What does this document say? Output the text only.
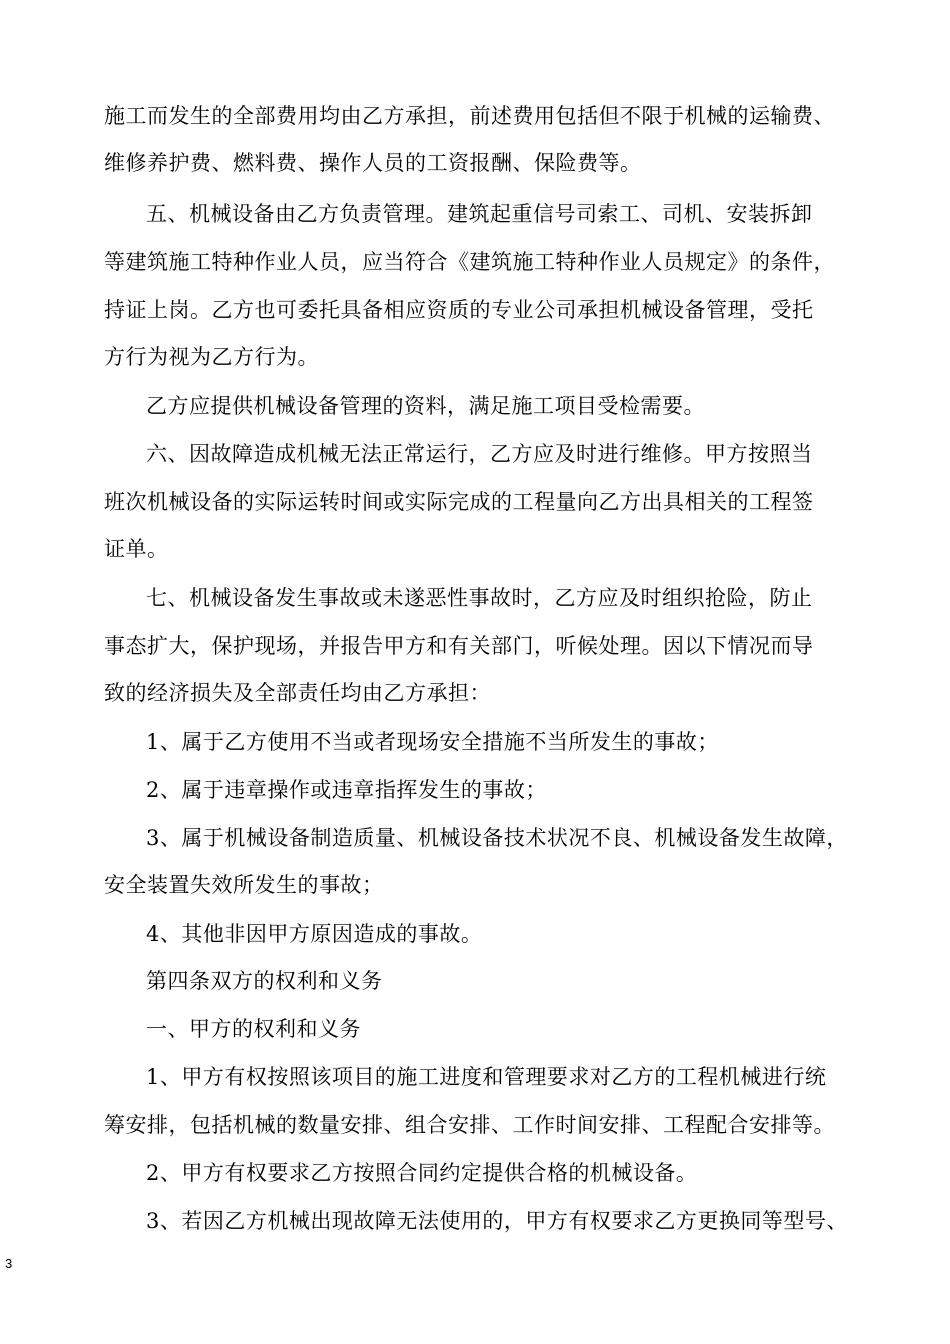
施工而发生的全部费用均由乙方承担，前述费用包括但不限于机械的运输费、
维修养护费、燃料费、操作人员的工资报酬、保险费等。
五、机械设备由乙方负责管理。建筑起重信号司索工、司机、安装拆卸
等建筑施工特种作业人员，应当符合《建筑施工特种作业人员规定》的条件，
持证上岗。乙方也可委托具备相应资质的专业公司承担机械设备管理，受托
方行为视为乙方行为。
乙方应提供机械设备管理的资料，满足施工项目受检需要。
六、因故障造成机械无法正常运行，乙方应及时进行维修。甲方按照当
班次机械设备的实际运转时间或实际完成的工程量向乙方出具相关的工程签
证单。
七、机械设备发生事故或未遂恶性事故时，乙方应及时组织抢险，防止
事态扩大，保护现场，并报告甲方和有关部门，听候处理。因以下情况而导
致的经济损失及全部责任均由乙方承担：
1、属于乙方使用不当或者现场安全措施不当所发生的事故；
2、属于违章操作或违章指挥发生的事故；
3、属于机械设备制造质量、机械设备技术状况不良、机械设备发生故障，
安全装置失效所发生的事故；
4、其他非因甲方原因造成的事故。
第四条双方的权利和义务
一、甲方的权利和义务
1、甲方有权按照该项目的施工进度和管理要求对乙方的工程机械进行统
筹安排，包括机械的数量安排、组合安排、工作时间安排、工程配合安排等。
2、甲方有权要求乙方按照合同约定提供合格的机械设备。
3、若因乙方机械出现故障无法使用的，甲方有权要求乙方更换同等型号、
3
